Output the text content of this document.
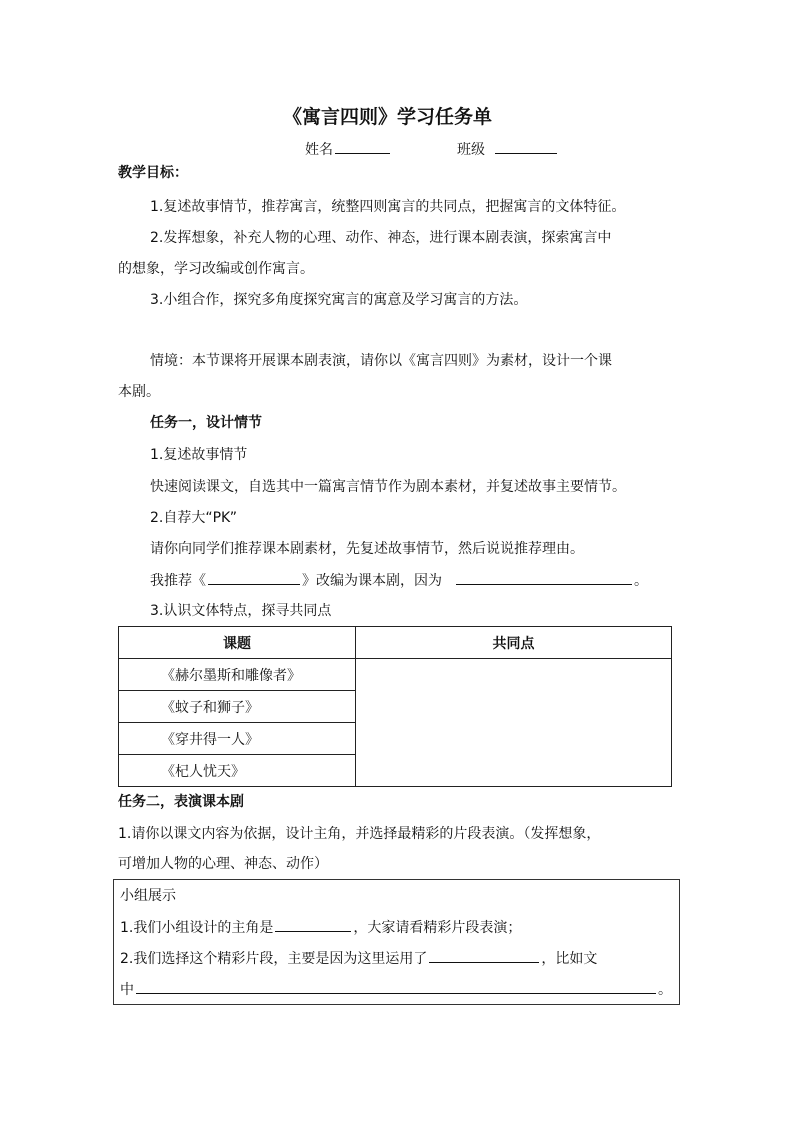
《寓言四则》学习任务单
姓名	班级
教学目标：
1.复述故事情节，推荐寓言，统整四则寓言的共同点，把握寓言的文体特征。
2.发挥想象，补充人物的心理、动作、神态，进行课本剧表演，探索寓言中
的想象，学习改编或创作寓言。
3.小组合作，探究多角度探究寓言的寓意及学习寓言的方法。
情境：本节课将开展课本剧表演，请你以《寓言四则》为素材，设计一个课
本剧。
任务一，设计情节
1.复述故事情节
快速阅读课文，自选其中一篇寓言情节作为剧本素材，并复述故事主要情节。
2.自荐大“PK”
请你向同学们推荐课本剧素材，先复述故事情节，然后说说推荐理由。
我推荐《	》改编为课本剧，因为	。
3.认识文体特点，探寻共同点
课题	共同点
《赫尔墨斯和雕像者》	
《蚊子和狮子》	
《穿井得一人》	
《杞人忧天》	
任务二，表演课本剧
1.请你以课文内容为依据，设计主角，并选择最精彩的片段表演。（发挥想象，
可增加人物的心理、神态、动作）
小组展示
1.我们小组设计的主角是	，大家请看精彩片段表演；
2.我们选择这个精彩片段，主要是因为这里运用了	，比如文
中	。
